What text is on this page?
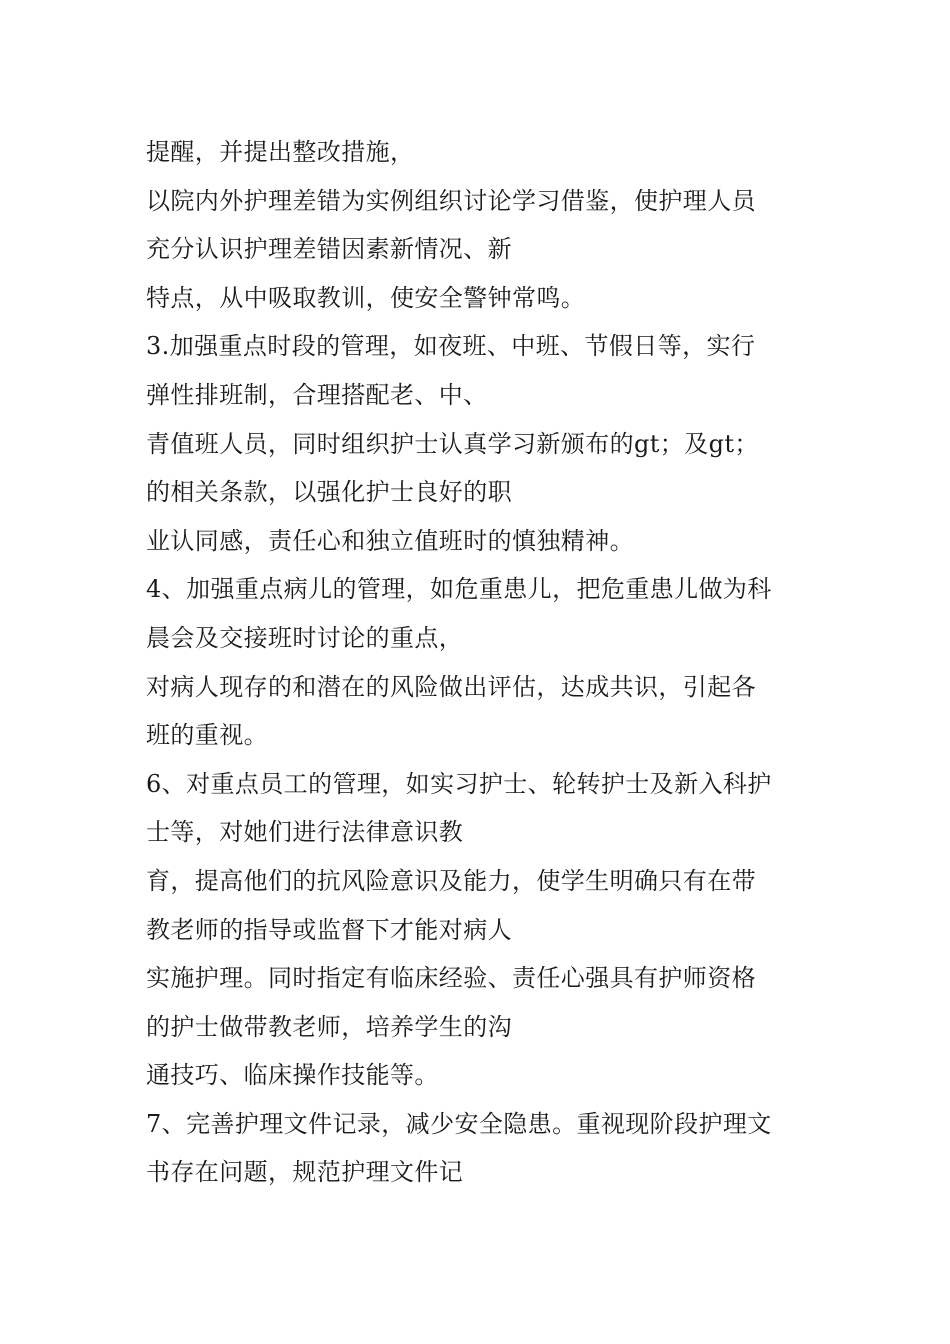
提醒，并提出整改措施，
以院内外护理差错为实例组织讨论学习借鉴，使护理人员
充分认识护理差错因素新情况、新
特点，从中吸取教训，使安全警钟常鸣。
3.加强重点时段的管理，如夜班、中班、节假日等，实行
弹性排班制，合理搭配老、中、
青值班人员，同时组织护士认真学习新颁布的gt；及gt；
的相关条款，以强化护士良好的职
业认同感，责任心和独立值班时的慎独精神。
4、加强重点病儿的管理，如危重患儿，把危重患儿做为科
晨会及交接班时讨论的重点，
对病人现存的和潜在的风险做出评估，达成共识，引起各
班的重视。
6、对重点员工的管理，如实习护士、轮转护士及新入科护
士等，对她们进行法律意识教
育，提高他们的抗风险意识及能力，使学生明确只有在带
教老师的指导或监督下才能对病人
实施护理。同时指定有临床经验、责任心强具有护师资格
的护士做带教老师，培养学生的沟
通技巧、临床操作技能等。
7、完善护理文件记录，减少安全隐患。重视现阶段护理文
书存在问题，规范护理文件记
